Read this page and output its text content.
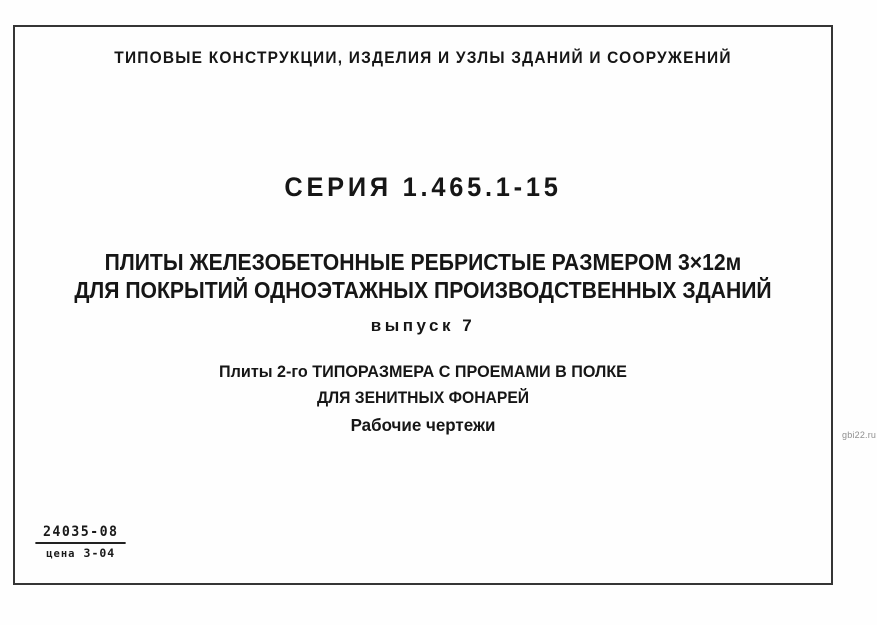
ТИПОВЫЕ КОНСТРУКЦИИ, ИЗДЕЛИЯ И УЗЛЫ ЗДАНИЙ И СООРУЖЕНИЙ
СЕРИЯ 1.465.1-15
ПЛИТЫ ЖЕЛЕЗОБЕТОННЫЕ РЕБРИСТЫЕ РАЗМЕРОМ 3×12м
ДЛЯ ПОКРЫТИЙ ОДНОЭТАЖНЫХ ПРОИЗВОДСТВЕННЫХ ЗДАНИЙ
выпуск 7
Плиты 2-го ТИПОРАЗМЕРА С ПРОЕМАМИ В ПОЛКЕ
ДЛЯ ЗЕНИТНЫХ ФОНАРЕЙ
Рабочие чертежи
24035-08
цена 3-04
gbi22.ru
